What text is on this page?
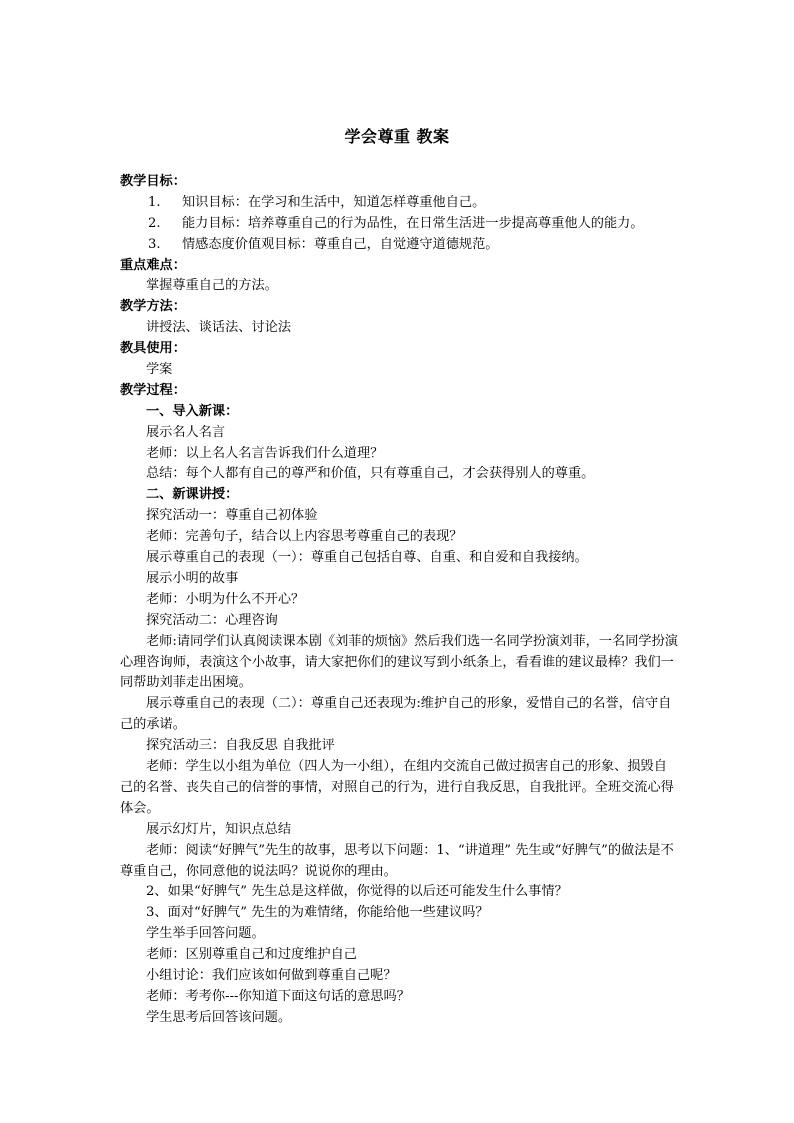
学会尊重 教案
教学目标：
1. 知识目标：在学习和生活中，知道怎样尊重他自己。
2. 能力目标：培养尊重自己的行为品性，在日常生活进一步提高尊重他人的能力。
3. 情感态度价值观目标：尊重自己，自觉遵守道德规范。
重点难点：
掌握尊重自己的方法。
教学方法：
讲授法、谈话法、讨论法
教具使用：
学案
教学过程：
一、导入新课：
展示名人名言
老师：以上名人名言告诉我们什么道理？
总结：每个人都有自己的尊严和价值，只有尊重自己，才会获得别人的尊重。
二、新课讲授：
探究活动一：尊重自己初体验
老师：完善句子，结合以上内容思考尊重自己的表现？
展示尊重自己的表现（一）：尊重自己包括自尊、自重、和自爱和自我接纳。
展示小明的故事
老师：小明为什么不开心？
探究活动二：心理咨询
老师:请同学们认真阅读课本剧《刘菲的烦恼》然后我们选一名同学扮演刘菲，一名同学扮演心理咨询师，表演这个小故事，请大家把你们的建议写到小纸条上，看看谁的建议最棒？我们一同帮助刘菲走出困境。
展示尊重自己的表现（二）：尊重自己还表现为:维护自己的形象，爱惜自己的名誉，信守自己的承诺。
探究活动三：自我反思 自我批评
老师：学生以小组为单位（四人为一小组），在组内交流自己做过损害自己的形象、损毁自己的名誉、丧失自己的信誉的事情，对照自己的行为，进行自我反思，自我批评。全班交流心得体会。
展示幻灯片，知识点总结
老师：阅读“好脾气”先生的故事，思考以下问题：1、“讲道理” 先生或“好脾气”的做法是不尊重自己，你同意他的说法吗？说说你的理由。
2、如果“好脾气” 先生总是这样做，你觉得的以后还可能发生什么事情？
3、面对“好脾气” 先生的为难情绪，你能给他一些建议吗？
学生举手回答问题。
老师：区别尊重自己和过度维护自己
小组讨论：我们应该如何做到尊重自己呢？
老师：考考你---你知道下面这句话的意思吗？
学生思考后回答该问题。
